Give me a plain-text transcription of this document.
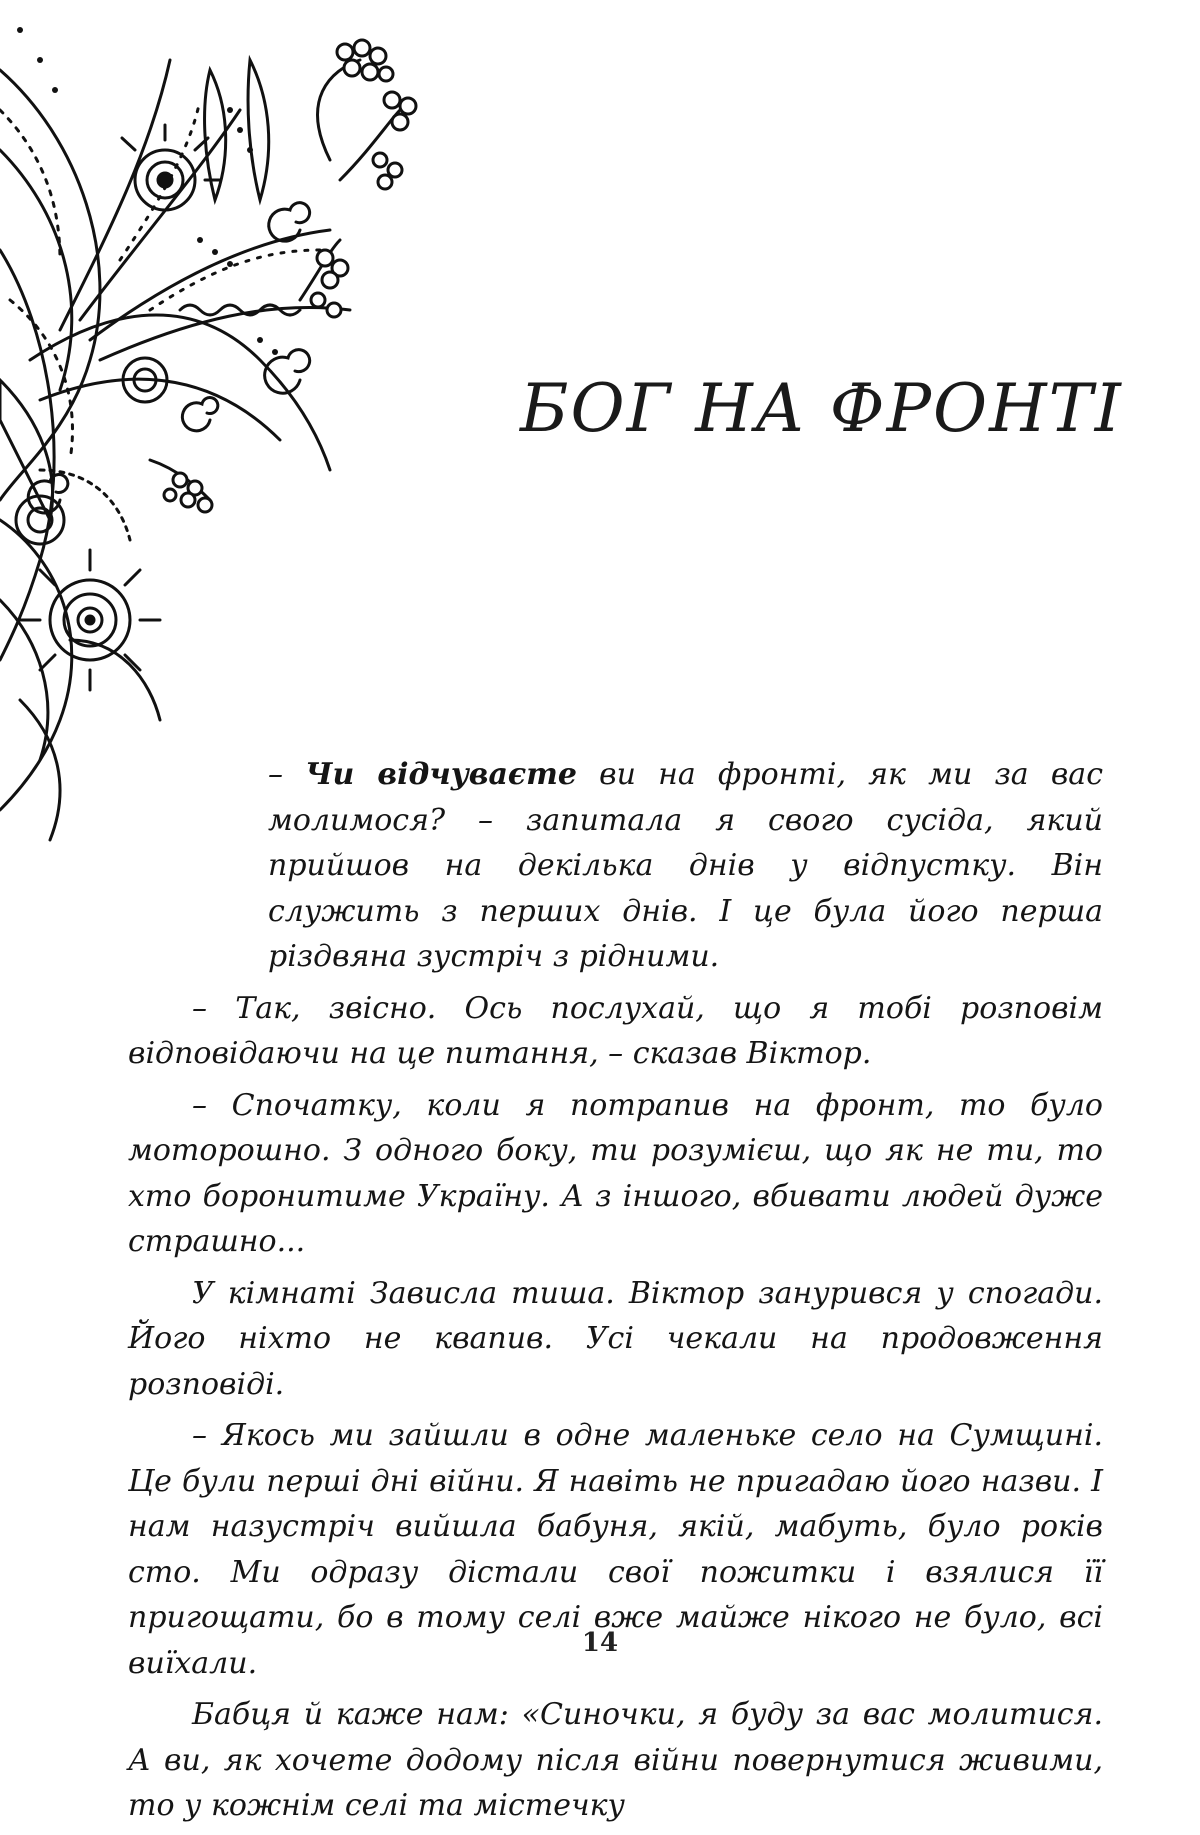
БОГ НА ФРОНТІ

– Чи відчуваєте ви на фронті, як ми за вас молимося? – запитала я свого сусіда, який прийшов на декілька днів у відпустку. Він служить з перших днів. І це була його перша різдвяна зустріч з рідними.

– Так, звісно. Ось послухай, що я тобі розповім відповідаючи на це питання, – сказав Віктор.

– Спочатку, коли я потрапив на фронт, то було моторошно. З одного боку, ти розумієш, що як не ти, то хто боронитиме Україну. А з іншого, вбивати людей дуже страшно...

У кімнаті Зависла тиша. Віктор занурився у спогади. Його ніхто не квапив. Усі чекали на продовження розповіді.

– Якось ми зайшли в одне маленьке село на Сумщині. Це були перші дні війни. Я навіть не пригадаю його назви. І нам назустріч вийшла бабуня, якій, мабуть, було років сто. Ми одразу дістали свої пожитки і взялися її пригощати, бо в тому селі вже майже нікого не було, всі виїхали.

Бабця й каже нам: «Синочки, я буду за вас молитися. А ви, як хочете додому після війни повернутися живими, то у кожнім селі та містечку

14
